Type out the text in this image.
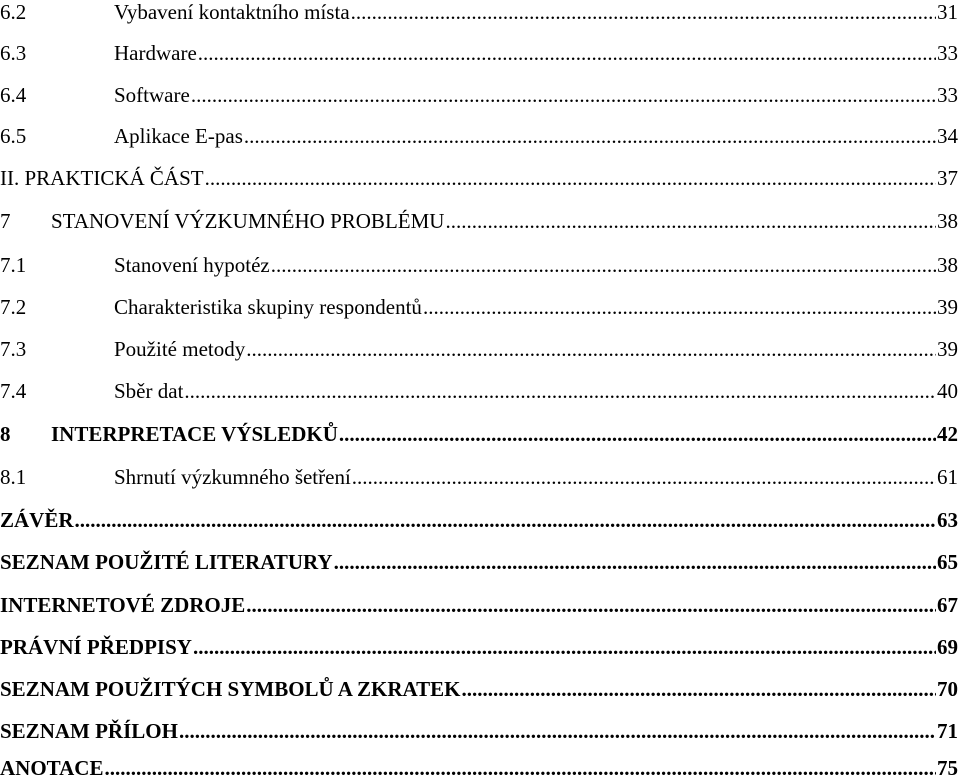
6.2	Vybavení kontaktního místa .....	31
6.3	Hardware .....	33
6.4	Software .....	33
6.5	Aplikace E-pas .....	34
II. PRAKTICKÁ ČÁST .....	37
7	STANOVENÍ VÝZKUMNÉHO PROBLÉMU .....	38
7.1	Stanovení hypotéz .....	38
7.2	Charakteristika skupiny respondentů .....	39
7.3	Použité metody .....	39
7.4	Sběr dat .....	40
8	INTERPRETACE VÝSLEDKŮ .....	42
8.1	Shrnutí výzkumného šetření .....	61
ZÁVĚR .....	63
SEZNAM POUŽITÉ LITERATURY .....	65
INTERNETOVÉ ZDROJE .....	67
PRÁVNÍ PŘEDPISY .....	69
SEZNAM POUŽITÝCH SYMBOLŮ A ZKRATEK .....	70
SEZNAM PŘÍLOH .....	71
ANOTACE .....	75
